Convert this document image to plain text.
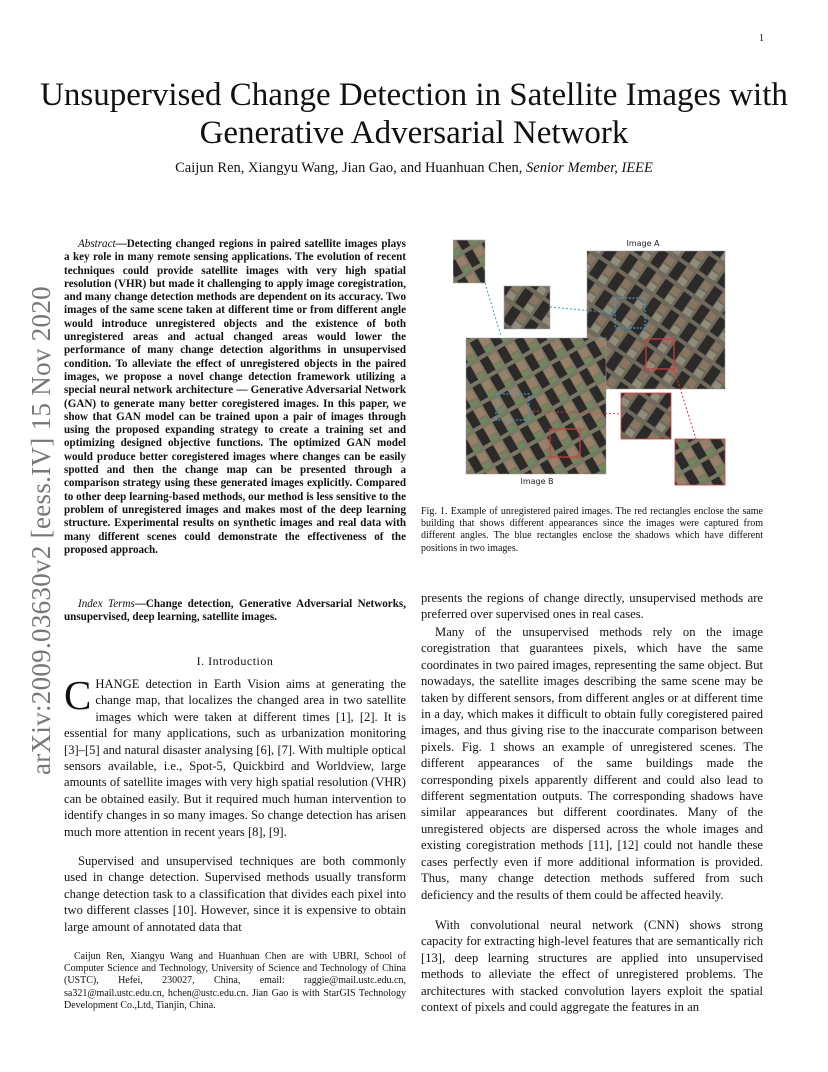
1
Unsupervised Change Detection in Satellite Images with Generative Adversarial Network
Caijun Ren, Xiangyu Wang, Jian Gao, and Huanhuan Chen, Senior Member, IEEE
arXiv:2009.03630v2 [eess.IV] 15 Nov 2020

Abstract—Detecting changed regions in paired satellite images plays a key role in many remote sensing applications. The evolution of recent techniques could provide satellite images with very high spatial resolution (VHR) but made it challenging to apply image coregistration, and many change detection methods are dependent on its accuracy. Two images of the same scene taken at different time or from different angle would introduce unregistered objects and the existence of both unregistered areas and actual changed areas would lower the performance of many change detection algorithms in unsupervised condition. To alleviate the effect of unregistered objects in the paired images, we propose a novel change detection framework utilizing a special neural network architecture — Generative Adversarial Network (GAN) to generate many better coregistered images. In this paper, we show that GAN model can be trained upon a pair of images through using the proposed expanding strategy to create a training set and optimizing designed objective functions. The optimized GAN model would produce better coregistered images where changes can be easily spotted and then the change map can be presented through a comparison strategy using these generated images explicitly. Compared to other deep learning-based methods, our method is less sensitive to the problem of unregistered images and makes most of the deep learning structure. Experimental results on synthetic images and real data with many different scenes could demonstrate the effectiveness of the proposed approach.

Index Terms—Change detection, Generative Adversarial Networks, unsupervised, deep learning, satellite images.

I. Introduction

CHANGE detection in Earth Vision aims at generating the change map, that localizes the changed area in two satellite images which were taken at different times [1], [2]. It is essential for many applications, such as urbanization monitoring [3]–[5] and natural disaster analysing [6], [7]. With multiple optical sensors available, i.e., Spot-5, Quickbird and Worldview, large amounts of satellite images with very high spatial resolution (VHR) can be obtained easily. But it required much human intervention to identify changes in so many images. So change detection has arisen much more attention in recent years [8], [9].

Supervised and unsupervised techniques are both commonly used in change detection. Supervised methods usually transform change detection task to a classification that divides each pixel into two different classes [10]. However, since it is expensive to obtain large amount of annotated data that

Caijun Ren, Xiangyu Wang and Huanhuan Chen are with UBRI, School of Computer Science and Technology, University of Science and Technology of China (USTC), Hefei, 230027, China, email: raggie@mail.ustc.edu.cn, sa321@mail.ustc.edu.cn, hchen@ustc.edu.cn. Jian Gao is with StarGIS Technology Development Co.,Ltd, Tianjin, China.

Image A
Image B

Fig. 1. Example of unregistered paired images. The red rectangles enclose the same building that shows different appearances since the images were captured from different angles. The blue rectangles enclose the shadows which have different positions in two images.

presents the regions of change directly, unsupervised methods are preferred over supervised ones in real cases.

Many of the unsupervised methods rely on the image coregistration that guarantees pixels, which have the same coordinates in two paired images, representing the same object. But nowadays, the satellite images describing the same scene may be taken by different sensors, from different angles or at different time in a day, which makes it difficult to obtain fully coregistered paired images, and thus giving rise to the inaccurate comparison between pixels. Fig. 1 shows an example of unregistered scenes. The different appearances of the same buildings made the corresponding pixels apparently different and could also lead to different segmentation outputs. The corresponding shadows have similar appearances but different coordinates. Many of the unregistered objects are dispersed across the whole images and existing coregistration methods [11], [12] could not handle these cases perfectly even if more additional information is provided. Thus, many change detection methods suffered from such deficiency and the results of them could be affected heavily.

With convolutional neural network (CNN) shows strong capacity for extracting high-level features that are semantically rich [13], deep learning structures are applied into unsupervised methods to alleviate the effect of unregistered problems. The architectures with stacked convolution layers exploit the spatial context of pixels and could aggregate the features in an
